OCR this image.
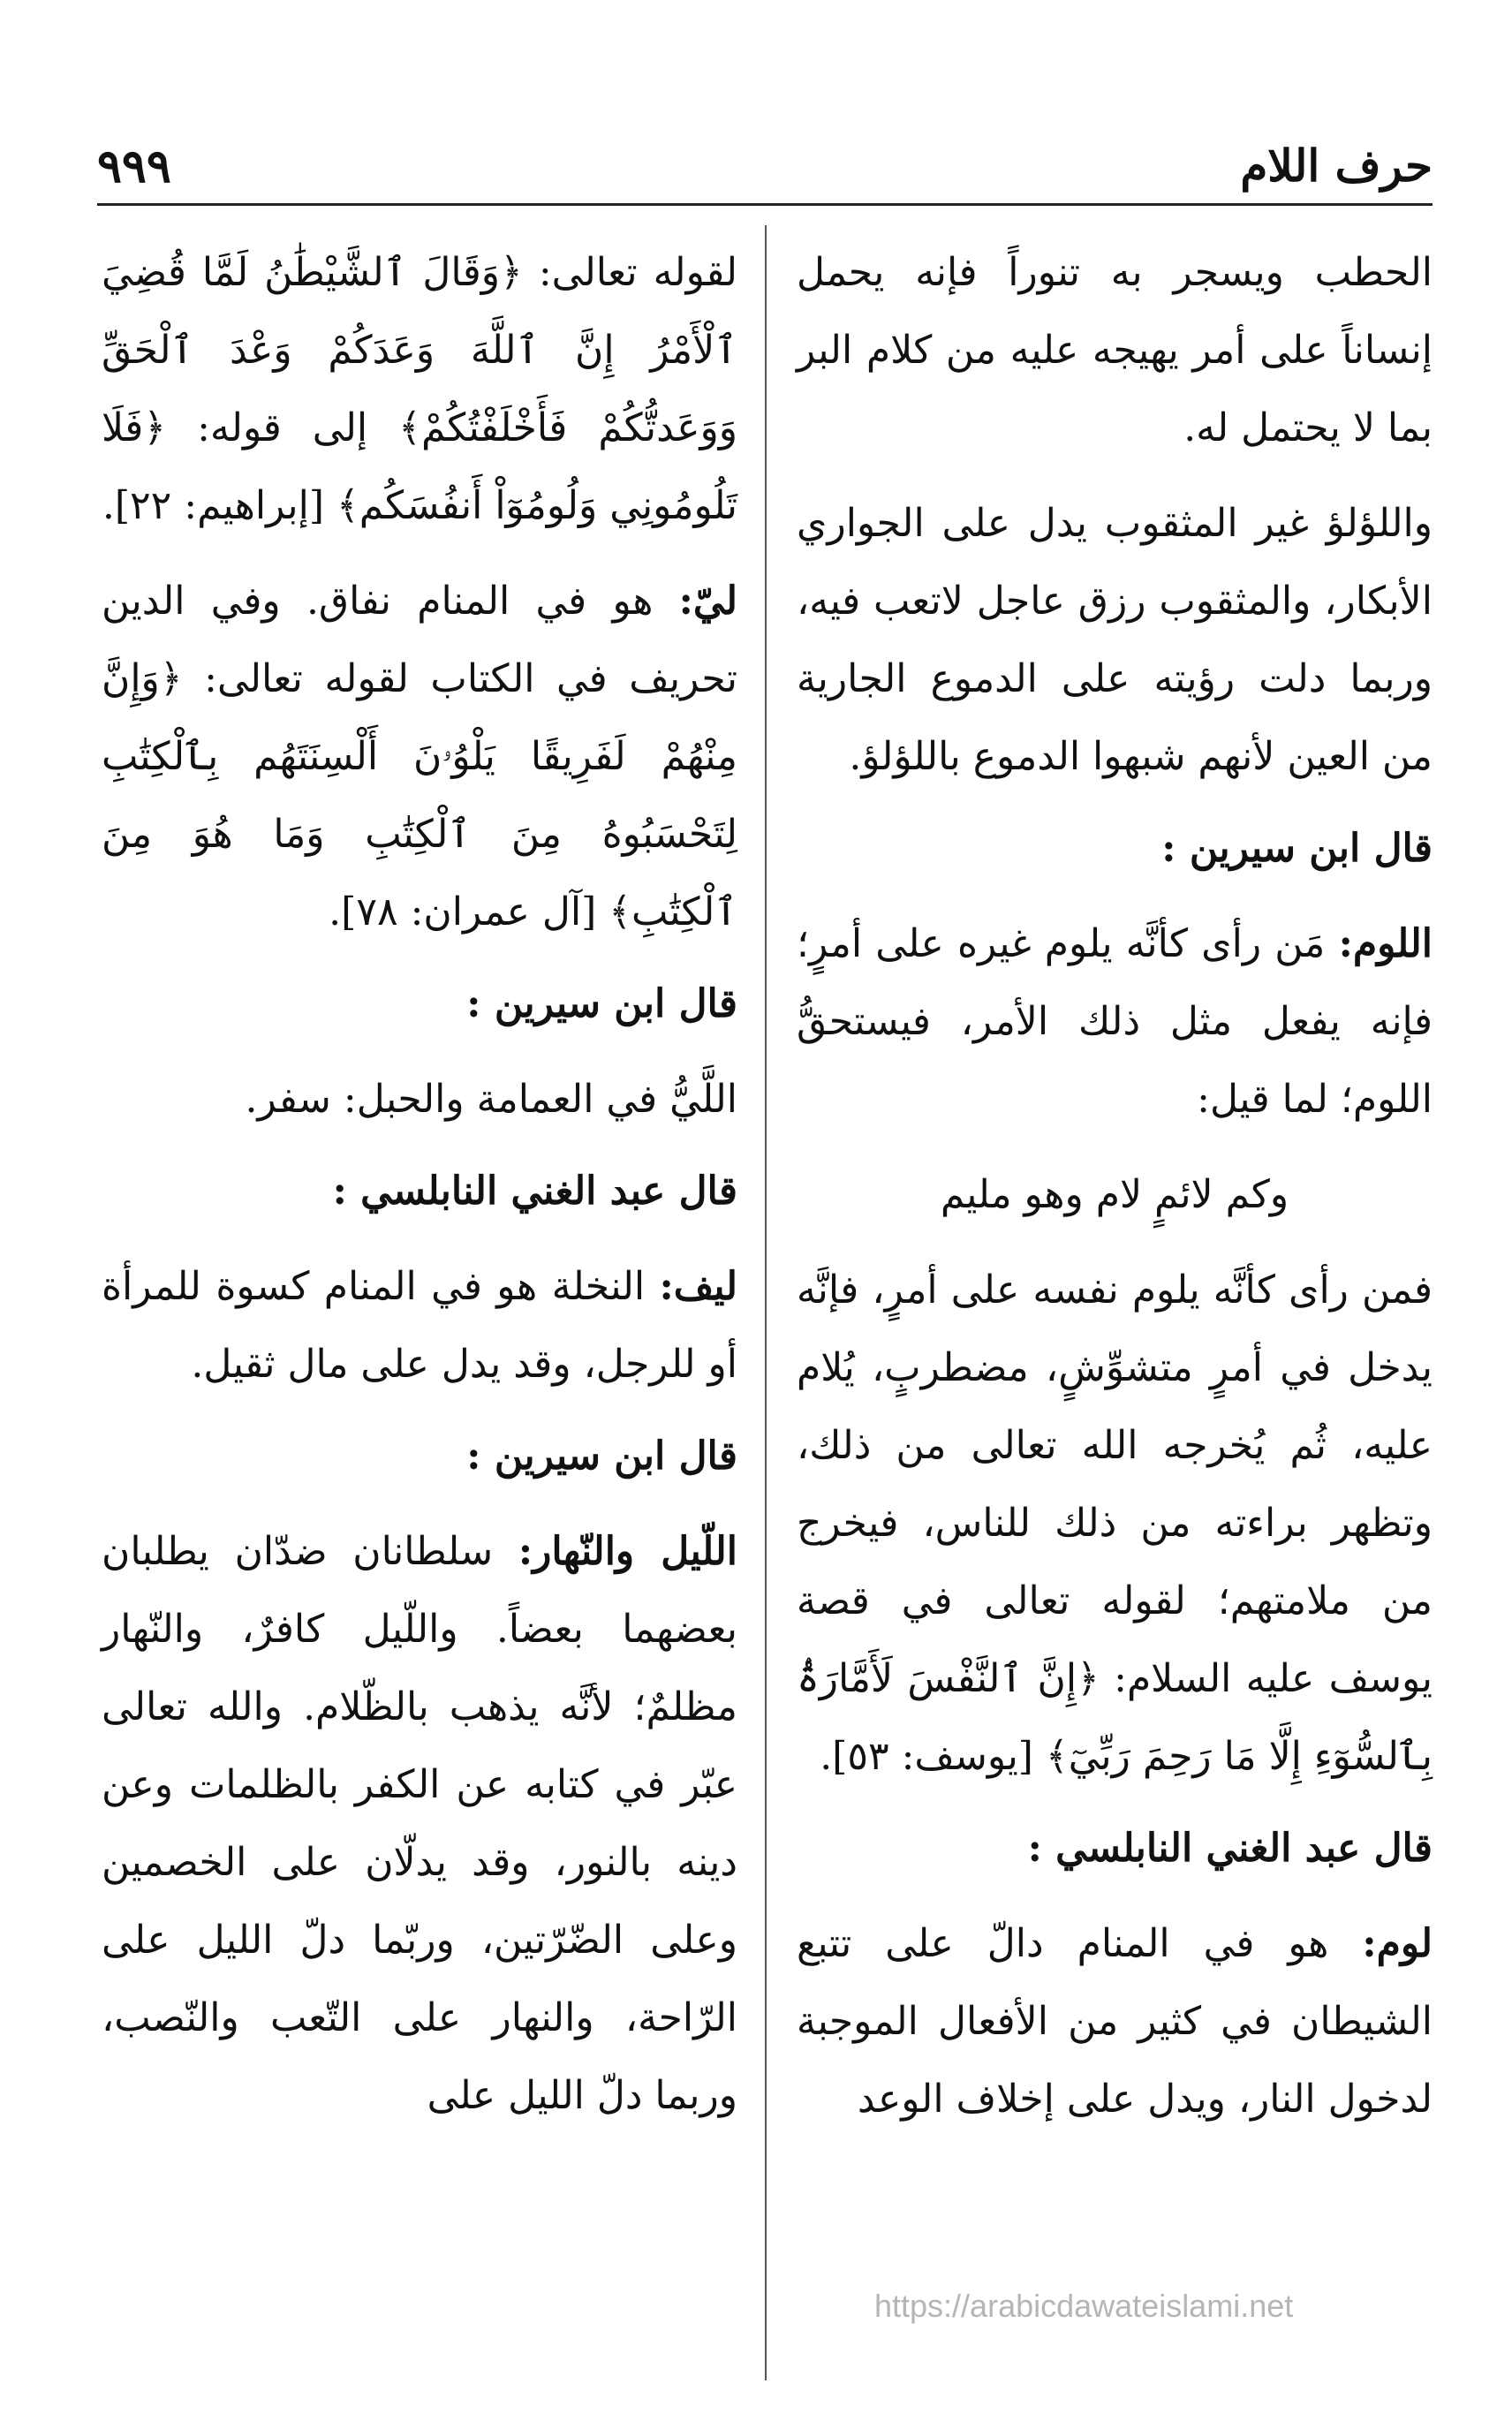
حرف اللام
٩٩٩

الحطب ويسجر به تنوراً فإنه يحمل إنساناً على أمر يهيجه عليه من كلام البر بما لا يحتمل له.

واللؤلؤ غير المثقوب يدل على الجواري الأبكار، والمثقوب رزق عاجل لاتعب فيه، وربما دلت رؤيته على الدموع الجارية من العين لأنهم شبهوا الدموع باللؤلؤ.

قال ابن سيرين :

اللوم: مَن رأى كأنَّه يلوم غيره على أمرٍ؛ فإنه يفعل مثل ذلك الأمر، فيستحقُّ اللوم؛ لما قيل:

وكم لائمٍ لام وهو مليم

فمن رأى كأنَّه يلوم نفسه على أمرٍ، فإنَّه يدخل في أمرٍ متشوِّشٍ، مضطربٍ، يُلام عليه، ثُم يُخرجه الله تعالى من ذلك، وتظهر براءته من ذلك للناس، فيخرج من ملامتهم؛ لقوله تعالى في قصة يوسف عليه السلام: ﴿إِنَّ ٱلنَّفْسَ لَأَمَّارَةُۢ بِٱلسُّوٓءِ إِلَّا مَا رَحِمَ رَبِّيٓ﴾ [يوسف: ٥٣].

قال عبد الغني النابلسي :

لوم: هو في المنام دالّ على تتبع الشيطان في كثير من الأفعال الموجبة لدخول النار، ويدل على إخلاف الوعد

لقوله تعالى: ﴿وَقَالَ ٱلشَّيْطَٰنُ لَمَّا قُضِيَ ٱلْأَمْرُ إِنَّ ٱللَّهَ وَعَدَكُمْ وَعْدَ ٱلْحَقِّ وَوَعَدتُّكُمْ فَأَخْلَفْتُكُمْ﴾ إلى قوله: ﴿فَلَا تَلُومُونِي وَلُومُوٓاْ أَنفُسَكُم﴾ [إبراهيم: ٢٢].

ليّ: هو في المنام نفاق. وفي الدين تحريف في الكتاب لقوله تعالى: ﴿وَإِنَّ مِنْهُمْ لَفَرِيقًا يَلْوُۥنَ أَلْسِنَتَهُم بِٱلْكِتَٰبِ لِتَحْسَبُوهُ مِنَ ٱلْكِتَٰبِ وَمَا هُوَ مِنَ ٱلْكِتَٰبِ﴾ [آل عمران: ٧٨].

قال ابن سيرين :

اللَّيُّ في العمامة والحبل: سفر.

قال عبد الغني النابلسي :

ليف: النخلة هو في المنام كسوة للمرأة أو للرجل، وقد يدل على مال ثقيل.

قال ابن سيرين :

اللّيل والنّهار: سلطانان ضدّان يطلبان بعضهما بعضاً. واللّيل كافرٌ، والنّهار مظلمٌ؛ لأنَّه يذهب بالظّلام. والله تعالى عبّر في كتابه عن الكفر بالظلمات وعن دينه بالنور، وقد يدلّان على الخصمين وعلى الضّرّتين، وربّما دلّ الليل على الرّاحة، والنهار على التّعب والنّصب، وربما دلّ الليل على

https://arabicdawateislami.net
